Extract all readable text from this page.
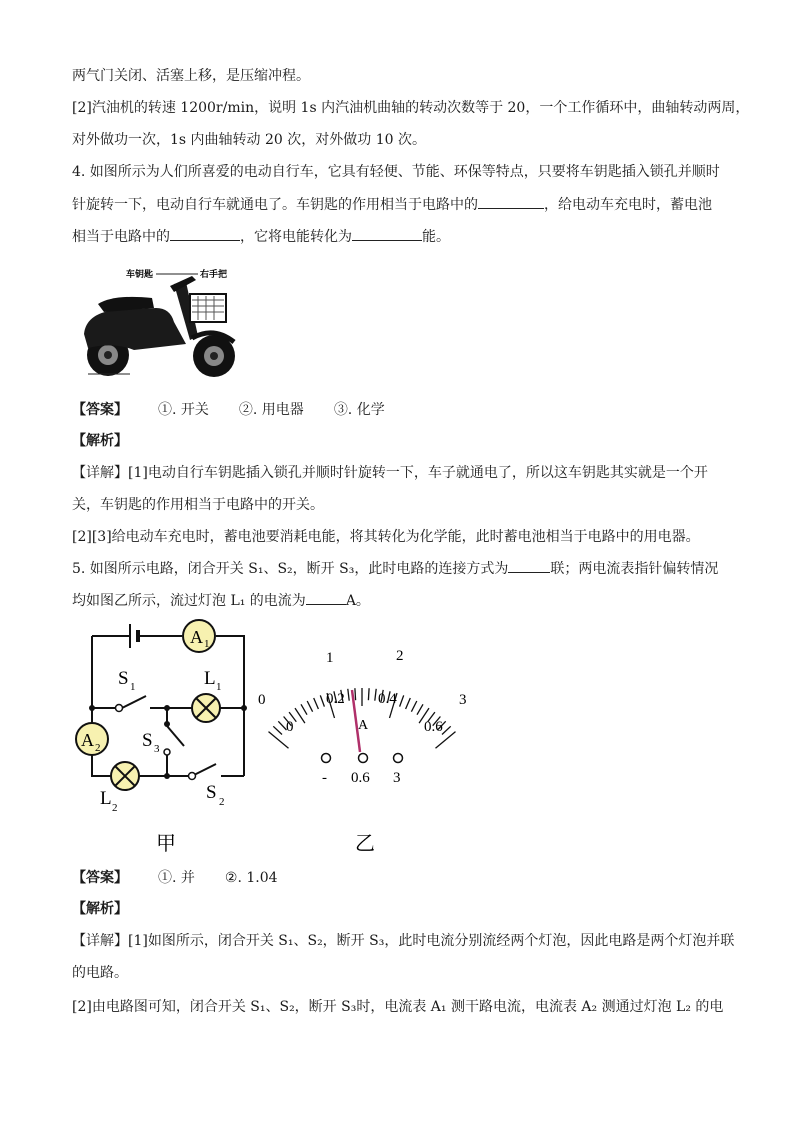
两气门关闭、活塞上移，是压缩冲程。
[2]汽油机的转速 1200r/min，说明 1s 内汽油机曲轴的转动次数等于 20，一个工作循环中，曲轴转动两周，
对外做功一次，1s 内曲轴转动 20 次，对外做功 10 次。
4. 如图所示为人们所喜爱的电动自行车，它具有轻便、节能、环保等特点，只要将车钥匙插入锁孔并顺时
针旋转一下，电动自行车就通电了。车钥匙的作用相当于电路中的	，给电动车充电时，蓄电池
相当于电路中的	，它将电能转化为	能。
车钥匙	右手把
【答案】 ①. 开关 ②. 用电器 ③. 化学
【解析】
【详解】[1]电动自行车钥匙插入锁孔并顺时针旋转一下，车子就通电了，所以这车钥匙其实就是一个开
关，车钥匙的作用相当于电路中的开关。
[2][3]给电动车充电时，蓄电池要消耗电能，将其转化为化学能，此时蓄电池相当于电路中的用电器。
5. 如图所示电路，闭合开关 S₁、S₂，断开 S₃，此时电路的连接方式为	联；两电流表指针偏转情况
均如图乙所示，流过灯泡 L₁ 的电流为	A。
A 1
A 2
S 1	L 1
S 3
L 2
S 2
甲
0
1	2
3
0
0.2 0.4
0.6
A
- 0.6 3
乙
【答案】 ①. 并 ②. 1.04
【解析】
【详解】[1]如图所示，闭合开关 S₁、S₂，断开 S₃，此时电流分别流经两个灯泡，因此电路是两个灯泡并联
的电路。
[2]由电路图可知，闭合开关 S₁、S₂，断开 S₃时，电流表 A₁ 测干路电流，电流表 A₂ 测通过灯泡 L₂ 的电
